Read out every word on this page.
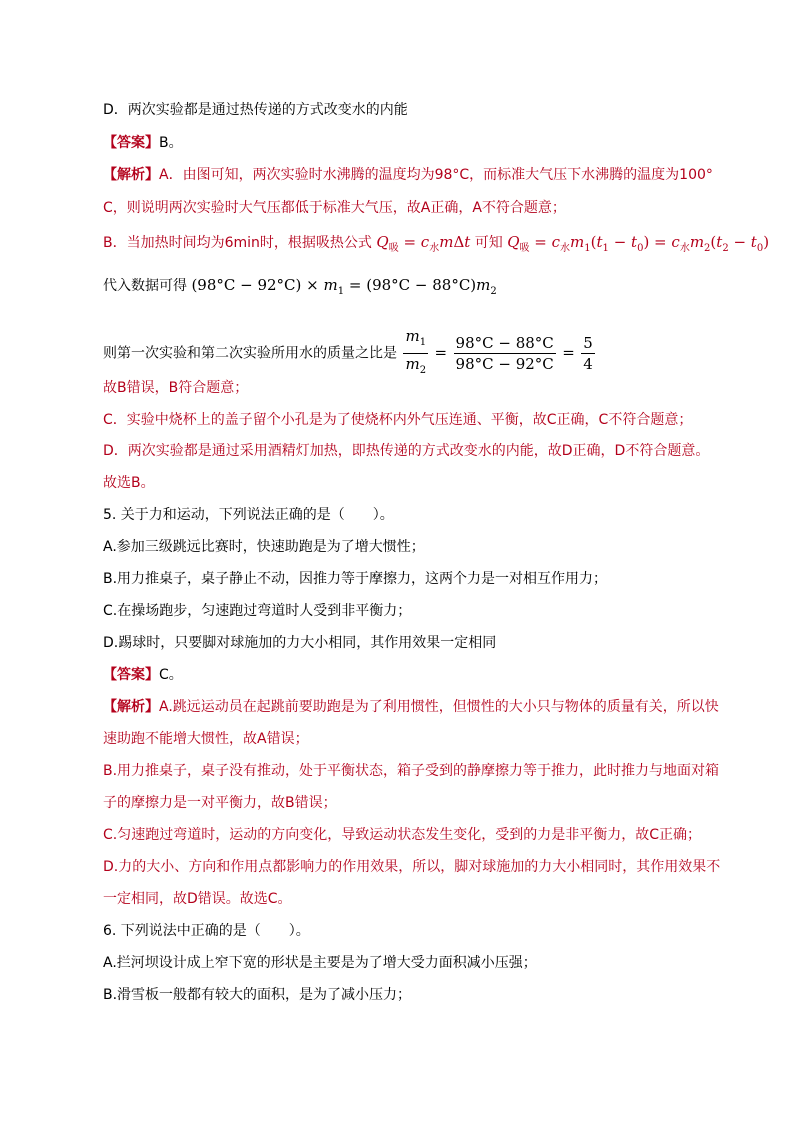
D．两次实验都是通过热传递的方式改变水的内能
【答案】B。
【解析】A．由图可知，两次实验时水沸腾的温度均为98°C，而标准大气压下水沸腾的温度为100°
C，则说明两次实验时大气压都低于标准大气压，故A正确，A不符合题意；
B．当加热时间均为6min时，根据吸热公式 $Q_吸 = c_水m\Delta t$ 可知 $Q_吸 = c_水m_1(t_1 - t_0) = c_水m_2(t_2 - t_0)$
代入数据可得 $(98^\circ C - 92^\circ C) \times m_1 = (98^\circ C - 88^\circ C)m_2$
则第一次实验和第二次实验所用水的质量之比是 $\frac{m_1}{m_2} = \frac{98^\circ C - 88^\circ C}{98^\circ C - 92^\circ C} = \frac{5}{4}$
故B错误，B符合题意；
C．实验中烧杯上的盖子留个小孔是为了使烧杯内外气压连通、平衡，故C正确，C不符合题意；
D．两次实验都是通过采用酒精灯加热，即热传递的方式改变水的内能，故D正确，D不符合题意。
故选B。
5. 关于力和运动，下列说法正确的是（　　）。
A.参加三级跳远比赛时，快速助跑是为了增大惯性；
B.用力推桌子，桌子静止不动，因推力等于摩擦力，这两个力是一对相互作用力；
C.在操场跑步，匀速跑过弯道时人受到非平衡力；
D.踢球时，只要脚对球施加的力大小相同，其作用效果一定相同
【答案】C。
【解析】A.跳远运动员在起跳前要助跑是为了利用惯性，但惯性的大小只与物体的质量有关，所以快
速助跑不能增大惯性，故A错误；
B.用力推桌子，桌子没有推动，处于平衡状态，箱子受到的静摩擦力等于推力，此时推力与地面对箱
子的摩擦力是一对平衡力，故B错误；
C.匀速跑过弯道时，运动的方向变化，导致运动状态发生变化，受到的力是非平衡力，故C正确；
D.力的大小、方向和作用点都影响力的作用效果，所以，脚对球施加的力大小相同时，其作用效果不
一定相同，故D错误。故选C。
6. 下列说法中正确的是（　　）。
A.拦河坝设计成上窄下宽的形状是主要是为了增大受力面积减小压强；
B.滑雪板一般都有较大的面积，是为了减小压力；
